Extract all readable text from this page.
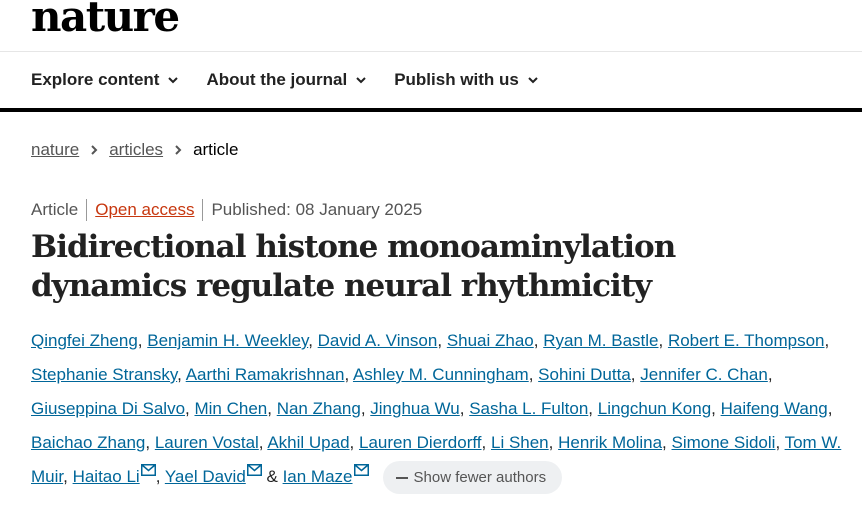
nature
Explore content	About the journal	Publish with us
nature articles article
Article Open access Published: 08 January 2025
Bidirectional histone monoaminylation dynamics regulate neural rhythmicity
Qingfei Zheng, Benjamin H. Weekley, David A. Vinson, Shuai Zhao, Ryan M. Bastle, Robert E. Thompson, Stephanie Stransky, Aarthi Ramakrishnan, Ashley M. Cunningham, Sohini Dutta, Jennifer C. Chan, Giuseppina Di Salvo, Min Chen, Nan Zhang, Jinghua Wu, Sasha L. Fulton, Lingchun Kong, Haifeng Wang, Baichao Zhang, Lauren Vostal, Akhil Upad, Lauren Dierdorff, Li Shen, Henrik Molina, Simone Sidoli, Tom W. Muir, Haitao Li , Yael David & Ian Maze	Show fewer authors
